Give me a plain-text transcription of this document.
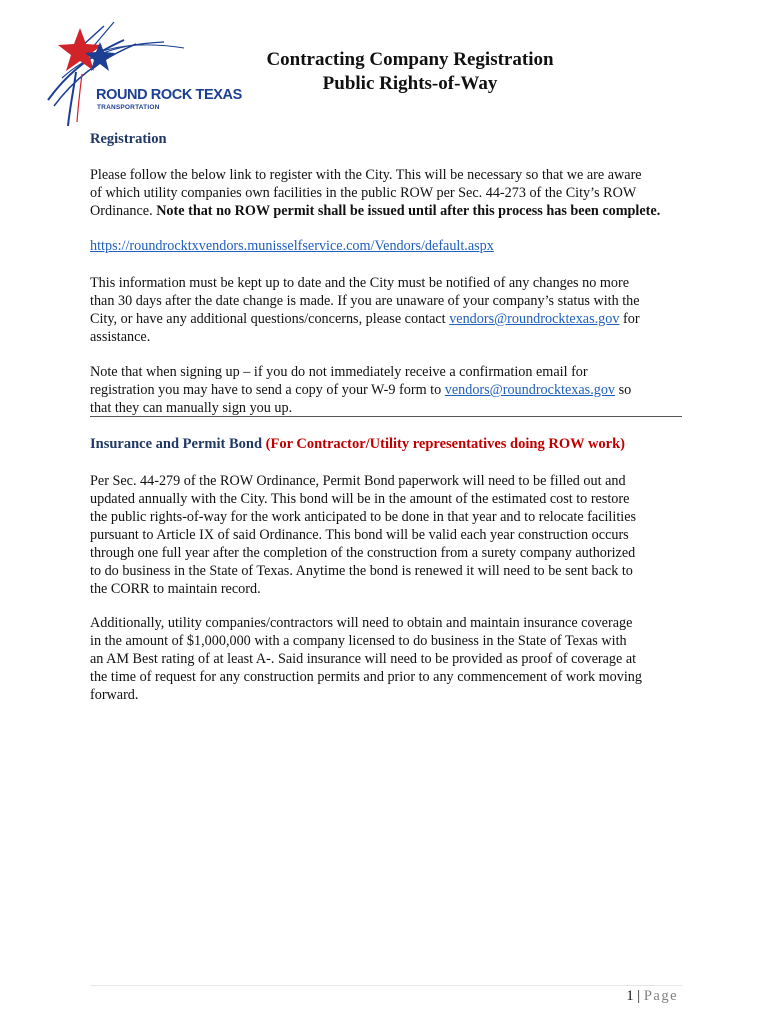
ROUND ROCK TEXAS
TRANSPORTATION
Contracting Company Registration
Public Rights-of-Way
Registration
Please follow the below link to register with the City. This will be necessary so that we are aware
of which utility companies own facilities in the public ROW per Sec. 44-273 of the City’s ROW
Ordinance. Note that no ROW permit shall be issued until after this process has been complete.
https://roundrocktxvendors.munisselfservice.com/Vendors/default.aspx
This information must be kept up to date and the City must be notified of any changes no more
than 30 days after the date change is made. If you are unaware of your company’s status with the
City, or have any additional questions/concerns, please contact vendors@roundrocktexas.gov for
assistance.
Note that when signing up – if you do not immediately receive a confirmation email for
registration you may have to send a copy of your W-9 form to vendors@roundrocktexas.gov so
that they can manually sign you up.
Insurance and Permit Bond (For Contractor/Utility representatives doing ROW work)
Per Sec. 44-279 of the ROW Ordinance, Permit Bond paperwork will need to be filled out and
updated annually with the City. This bond will be in the amount of the estimated cost to restore
the public rights-of-way for the work anticipated to be done in that year and to relocate facilities
pursuant to Article IX of said Ordinance. This bond will be valid each year construction occurs
through one full year after the completion of the construction from a surety company authorized
to do business in the State of Texas. Anytime the bond is renewed it will need to be sent back to
the CORR to maintain record.
Additionally, utility companies/contractors will need to obtain and maintain insurance coverage
in the amount of $1,000,000 with a company licensed to do business in the State of Texas with
an AM Best rating of at least A-. Said insurance will need to be provided as proof of coverage at
the time of request for any construction permits and prior to any commencement of work moving
forward.
1 | Page
